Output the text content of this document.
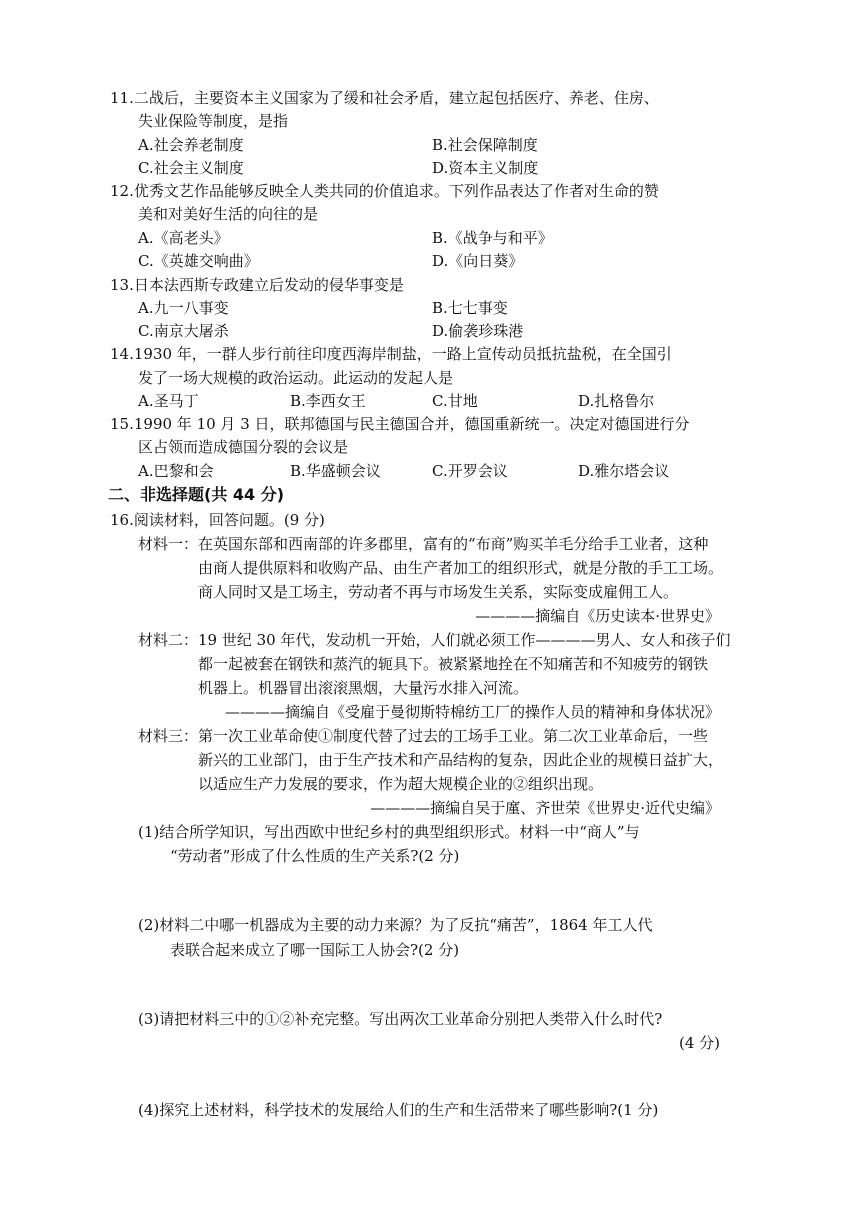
11.二战后，主要资本主义国家为了缓和社会矛盾，建立起包括医疗、养老、住房、
失业保险等制度，是指
A.社会养老制度	B.社会保障制度
C.社会主义制度	D.资本主义制度
12.优秀文艺作品能够反映全人类共同的价值追求。下列作品表达了作者对生命的赞
美和对美好生活的向往的是
A.《高老头》	B.《战争与和平》
C.《英雄交响曲》	D.《向日葵》
13.日本法西斯专政建立后发动的侵华事变是
A.九一八事变	B.七七事变
C.南京大屠杀	D.偷袭珍珠港
14.1930 年，一群人步行前往印度西海岸制盐，一路上宣传动员抵抗盐税，在全国引
发了一场大规模的政治运动。此运动的发起人是
A.圣马丁	B.李西女王	C.甘地	D.扎格鲁尔
15.1990 年 10 月 3 日，联邦德国与民主德国合并，德国重新统一。决定对德国进行分
区占领而造成德国分裂的会议是
A.巴黎和会	B.华盛顿会议	C.开罗会议	D.雅尔塔会议
二、非选择题(共 44 分)
16.阅读材料，回答问题。(9 分)
材料一：在英国东部和西南部的许多郡里，富有的“布商”购买羊毛分给手工业者，这种
由商人提供原料和收购产品、由生产者加工的组织形式，就是分散的手工工场。
商人同时又是工场主，劳动者不再与市场发生关系，实际变成雇佣工人。
————摘编自《历史读本·世界史》
材料二：19 世纪 30 年代，发动机一开始，人们就必须工作————男人、女人和孩子们
都一起被套在钢铁和蒸汽的轭具下。被紧紧地拴在不知痛苦和不知疲劳的钢铁
机器上。机器冒出滚滚黑烟，大量污水排入河流。
————摘编自《受雇于曼彻斯特棉纺工厂的操作人员的精神和身体状况》
材料三：第一次工业革命使①制度代替了过去的工场手工业。第二次工业革命后，一些
新兴的工业部门，由于生产技术和产品结构的复杂，因此企业的规模日益扩大，
以适应生产力发展的要求，作为超大规模企业的②组织出现。
————摘编自吴于廑、齐世荣《世界史·近代史编》
(1)结合所学知识，写出西欧中世纪乡村的典型组织形式。材料一中“商人”与
“劳动者”形成了什么性质的生产关系?(2 分)
(2)材料二中哪一机器成为主要的动力来源？为了反抗“痛苦”，1864 年工人代
表联合起来成立了哪一国际工人协会?(2 分)
(3)请把材料三中的①②补充完整。写出两次工业革命分别把人类带入什么时代?
(4 分)
(4)探究上述材料，科学技术的发展给人们的生产和生活带来了哪些影响?(1 分)
